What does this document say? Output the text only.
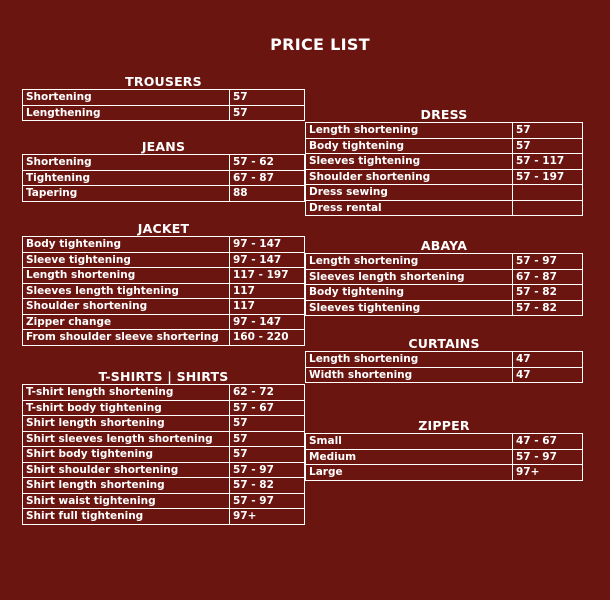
PRICE LIST
TROUSERS
Shortening	57
Lengthening	57
JEANS
Shortening	57 - 62
Tightening	67 - 87
Tapering	88
JACKET
Body tightening	97 - 147
Sleeve tightening	97 - 147
Length shortening	117 - 197
Sleeves length tightening	117
Shoulder shortening	117
Zipper change	97 - 147
From shoulder sleeve shortering	160 - 220
T-SHIRTS | SHIRTS
T-shirt length shortening	62 - 72
T-shirt body tightening	57 - 67
Shirt length shortening	57
Shirt sleeves length shortening	57
Shirt body tightening	57
Shirt shoulder shortening	57 - 97
Shirt length shortening	57 - 82
Shirt waist tightening	57 - 97
Shirt full tightening	97+
DRESS
Length shortening	57
Body tightening	57
Sleeves tightening	57 - 117
Shoulder shortening	57 - 197
Dress sewing	
Dress rental	
ABAYA
Length shortening	57 - 97
Sleeves length shortening	67 - 87
Body tightening	57 - 82
Sleeves tightening	57 - 82
CURTAINS
Length shortening	47
Width shortening	47
ZIPPER
Small	47 - 67
Medium	57 - 97
Large	97+
